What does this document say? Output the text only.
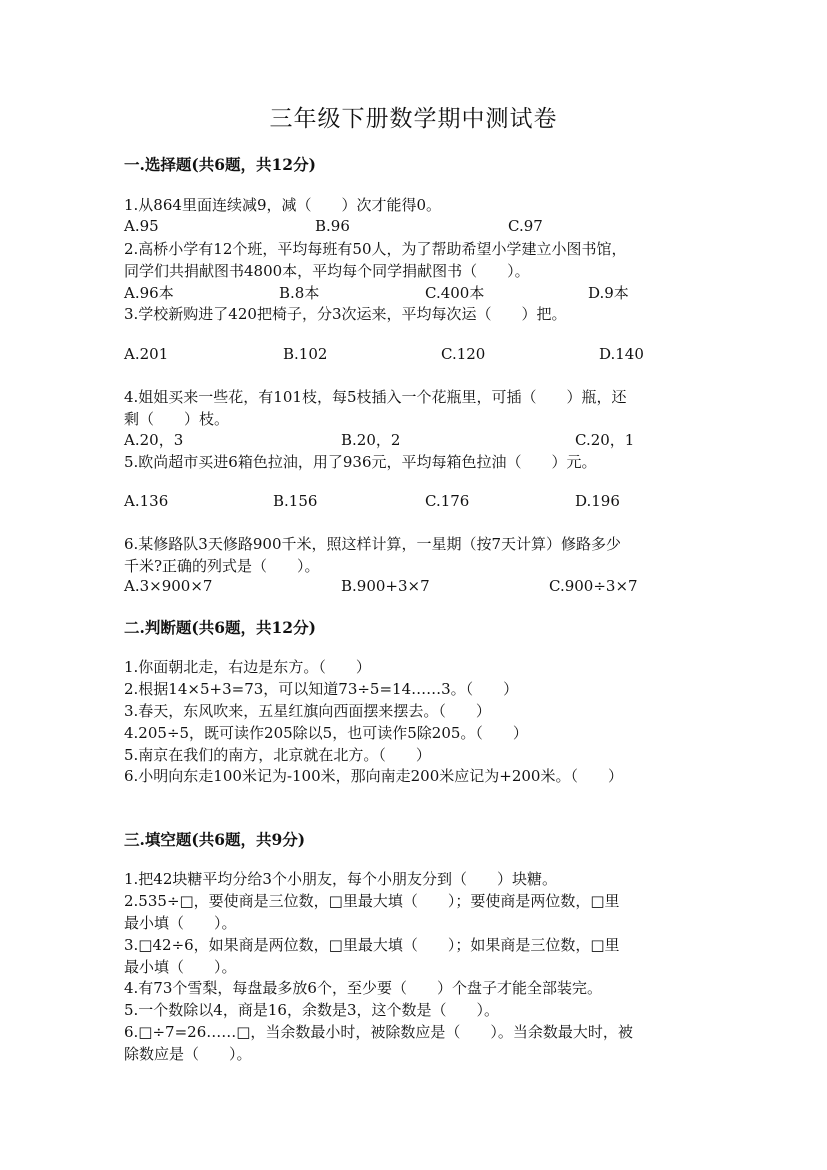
三年级下册数学期中测试卷
一.选择题(共6题，共12分)
1.从864里面连续减9，减（　　）次才能得0。
A.95	B.96	C.97
2.高桥小学有12个班，平均每班有50人，为了帮助希望小学建立小图书馆，
同学们共捐献图书4800本，平均每个同学捐献图书（　　）。
A.96本	B.8本	C.400本	D.9本
3.学校新购进了420把椅子，分3次运来，平均每次运（　　）把。
A.201	B.102	C.120	D.140
4.姐姐买来一些花，有101枝，每5枝插入一个花瓶里，可插（　　）瓶，还
剩（　　）枝。
A.20，3	B.20，2	C.20，1
5.欧尚超市买进6箱色拉油，用了936元，平均每箱色拉油（　　）元。
A.136	B.156	C.176	D.196
6.某修路队3天修路900千米，照这样计算，一星期（按7天计算）修路多少
千米?正确的列式是（　　）。
A.3×900×7	B.900+3×7	C.900÷3×7
二.判断题(共6题，共12分)
1.你面朝北走，右边是东方。（　　）
2.根据14×5+3=73，可以知道73÷5=14……3。（　　）
3.春天，东风吹来，五星红旗向西面摆来摆去。（　　）
4.205÷5，既可读作205除以5，也可读作5除205。（　　）
5.南京在我们的南方，北京就在北方。（　　）
6.小明向东走100米记为-100米，那向南走200米应记为+200米。（　　）
三.填空题(共6题，共9分)
1.把42块糖平均分给3个小朋友，每个小朋友分到（　　）块糖。
2.535÷□，要使商是三位数，□里最大填（　　）；要使商是两位数，□里
最小填（　　）。
3.□42÷6，如果商是两位数，□里最大填（　　）；如果商是三位数，□里
最小填（　　）。
4.有73个雪梨，每盘最多放6个，至少要（　　）个盘子才能全部装完。
5.一个数除以4，商是16，余数是3，这个数是（　　）。
6.□÷7=26……□，当余数最小时，被除数应是（　　）。当余数最大时，被
除数应是（　　）。
